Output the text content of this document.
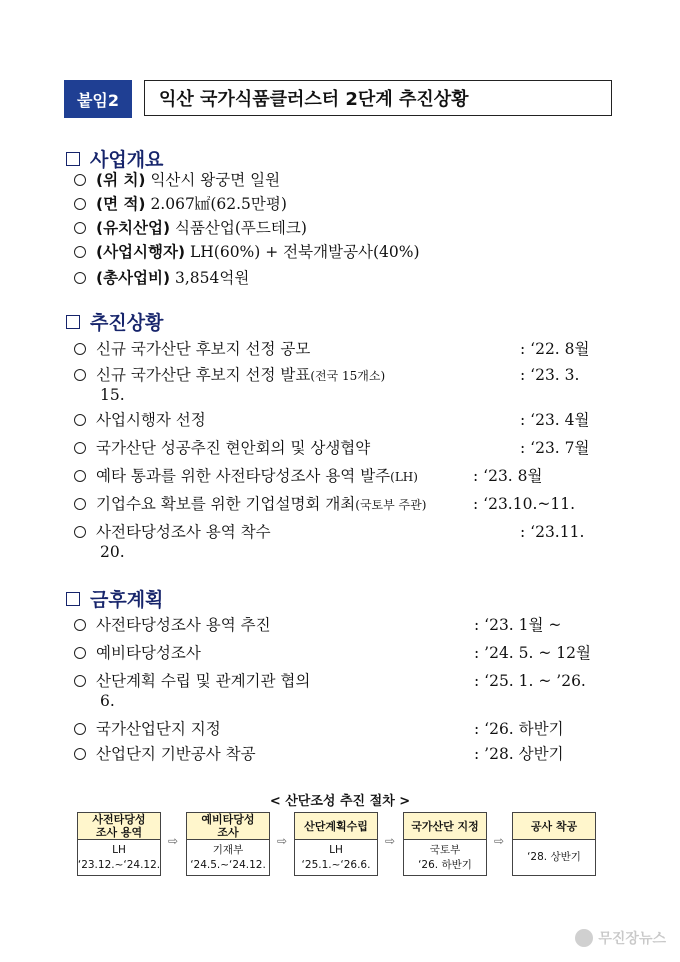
붙임2	익산 국가식품클러스터 2단계 추진상황
사업개요
(위 치) 익산시 왕궁면 일원
(면 적) 2.067㎢(62.5만평)
(유치산업) 식품산업(푸드테크)
(사업시행자) LH(60%) + 전북개발공사(40%)
(총사업비) 3,854억원
추진상황
신규 국가산단 후보지 선정 공모	: ‘22. 8월
신규 국가산단 후보지 선정 발표(전국 15개소)	: ‘23. 3.
15.
사업시행자 선정	: ‘23. 4월
국가산단 성공추진 현안회의 및 상생협약	: ‘23. 7월
예타 통과를 위한 사전타당성조사 용역 발주(LH)	: ‘23. 8월
기업수요 확보를 위한 기업설명회 개최(국토부 주관)	: ‘23.10.~11.
사전타당성조사 용역 착수	: ‘23.11.
20.
금후계획
사전타당성조사 용역 추진	: ‘23. 1월 ~
예비타당성조사	: ’24. 5. ~ 12월
산단계획 수립 및 관계기관 협의	: ‘25. 1. ~ ’26.
6.
국가산업단지 지정	: ‘26. 하반기
산업단지 기반공사 착공	: ’28. 상반기
< 산단조성 추진 절차 >
사전타당성
조사 용역
LH
‘23.12.~‘24.12.
⇨
예비타당성
조사
기재부
‘24.5.~‘24.12.
⇨
산단계획수립
LH
‘25.1.~‘26.6.
⇨
국가산단 지정
국토부
‘26. 하반기
⇨
공사 착공
‘28. 상반기
무진장뉴스
